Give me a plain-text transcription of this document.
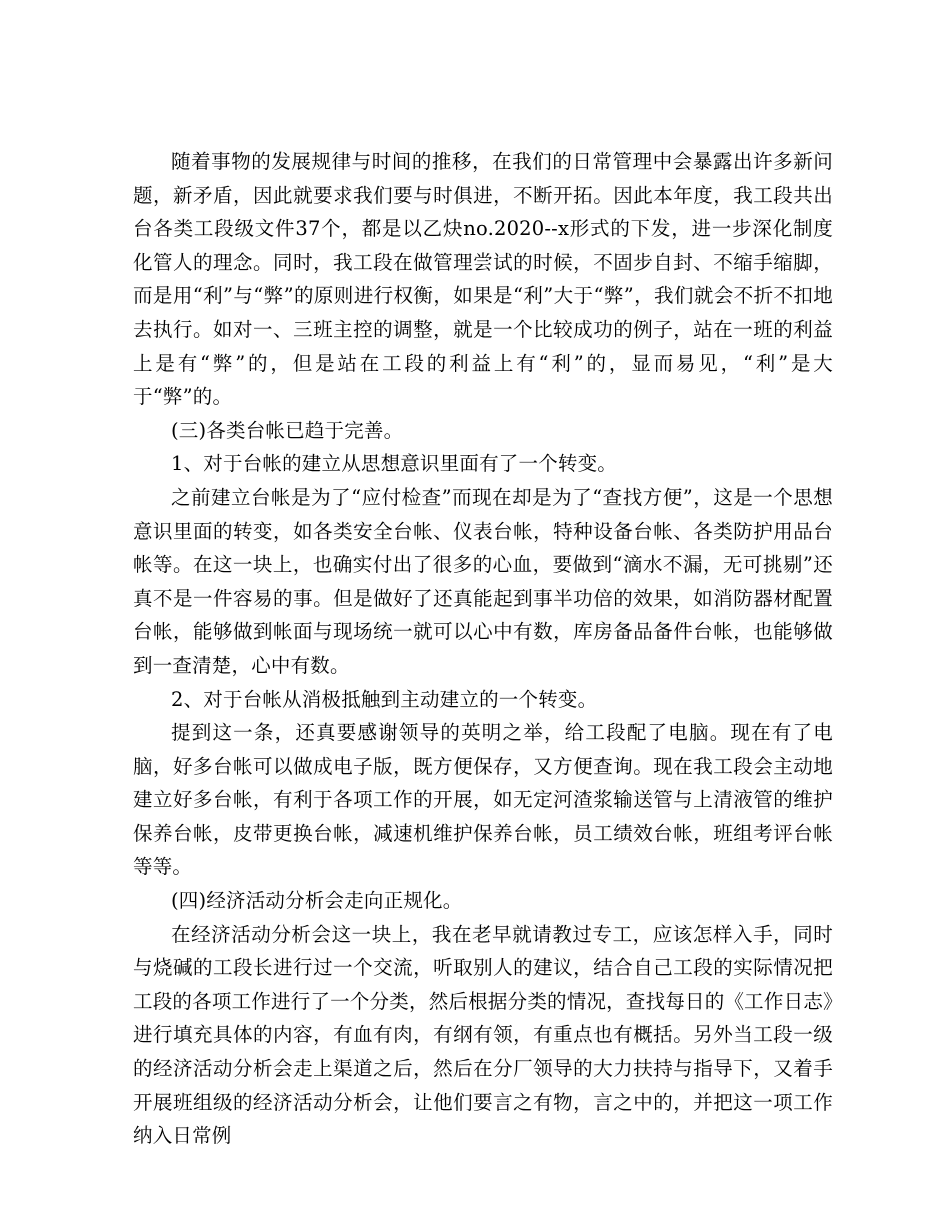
随着事物的发展规律与时间的推移，在我们的日常管理中会暴露出许多新问题，新矛盾，因此就要求我们要与时俱进，不断开拓。因此本年度，我工段共出台各类工段级文件37个，都是以乙炔no.2020--x形式的下发，进一步深化制度化管人的理念。同时，我工段在做管理尝试的时候，不固步自封、不缩手缩脚，而是用“利”与“弊”的原则进行权衡，如果是“利”大于“弊”，我们就会不折不扣地去执行。如对一、三班主控的调整，就是一个比较成功的例子，站在一班的利益上是有“弊”的，但是站在工段的利益上有“利”的，显而易见，“利”是大于“弊”的。

(三)各类台帐已趋于完善。

1、对于台帐的建立从思想意识里面有了一个转变。

之前建立台帐是为了“应付检查”而现在却是为了“查找方便”，这是一个思想意识里面的转变，如各类安全台帐、仪表台帐，特种设备台帐、各类防护用品台帐等。在这一块上，也确实付出了很多的心血，要做到“滴水不漏，无可挑剔”还真不是一件容易的事。但是做好了还真能起到事半功倍的效果，如消防器材配置台帐，能够做到帐面与现场统一就可以心中有数，库房备品备件台帐，也能够做到一查清楚，心中有数。

2、对于台帐从消极抵触到主动建立的一个转变。

提到这一条，还真要感谢领导的英明之举，给工段配了电脑。现在有了电脑，好多台帐可以做成电子版，既方便保存，又方便查询。现在我工段会主动地建立好多台帐，有利于各项工作的开展，如无定河渣浆输送管与上清液管的维护保养台帐，皮带更换台帐，减速机维护保养台帐，员工绩效台帐，班组考评台帐等等。

(四)经济活动分析会走向正规化。

在经济活动分析会这一块上，我在老早就请教过专工，应该怎样入手，同时与烧碱的工段长进行过一个交流，听取别人的建议，结合自己工段的实际情况把工段的各项工作进行了一个分类，然后根据分类的情况，查找每日的《工作日志》进行填充具体的内容，有血有肉，有纲有领，有重点也有概括。另外当工段一级的经济活动分析会走上渠道之后，然后在分厂领导的大力扶持与指导下，又着手开展班组级的经济活动分析会，让他们要言之有物，言之中的，并把这一项工作纳入日常例
